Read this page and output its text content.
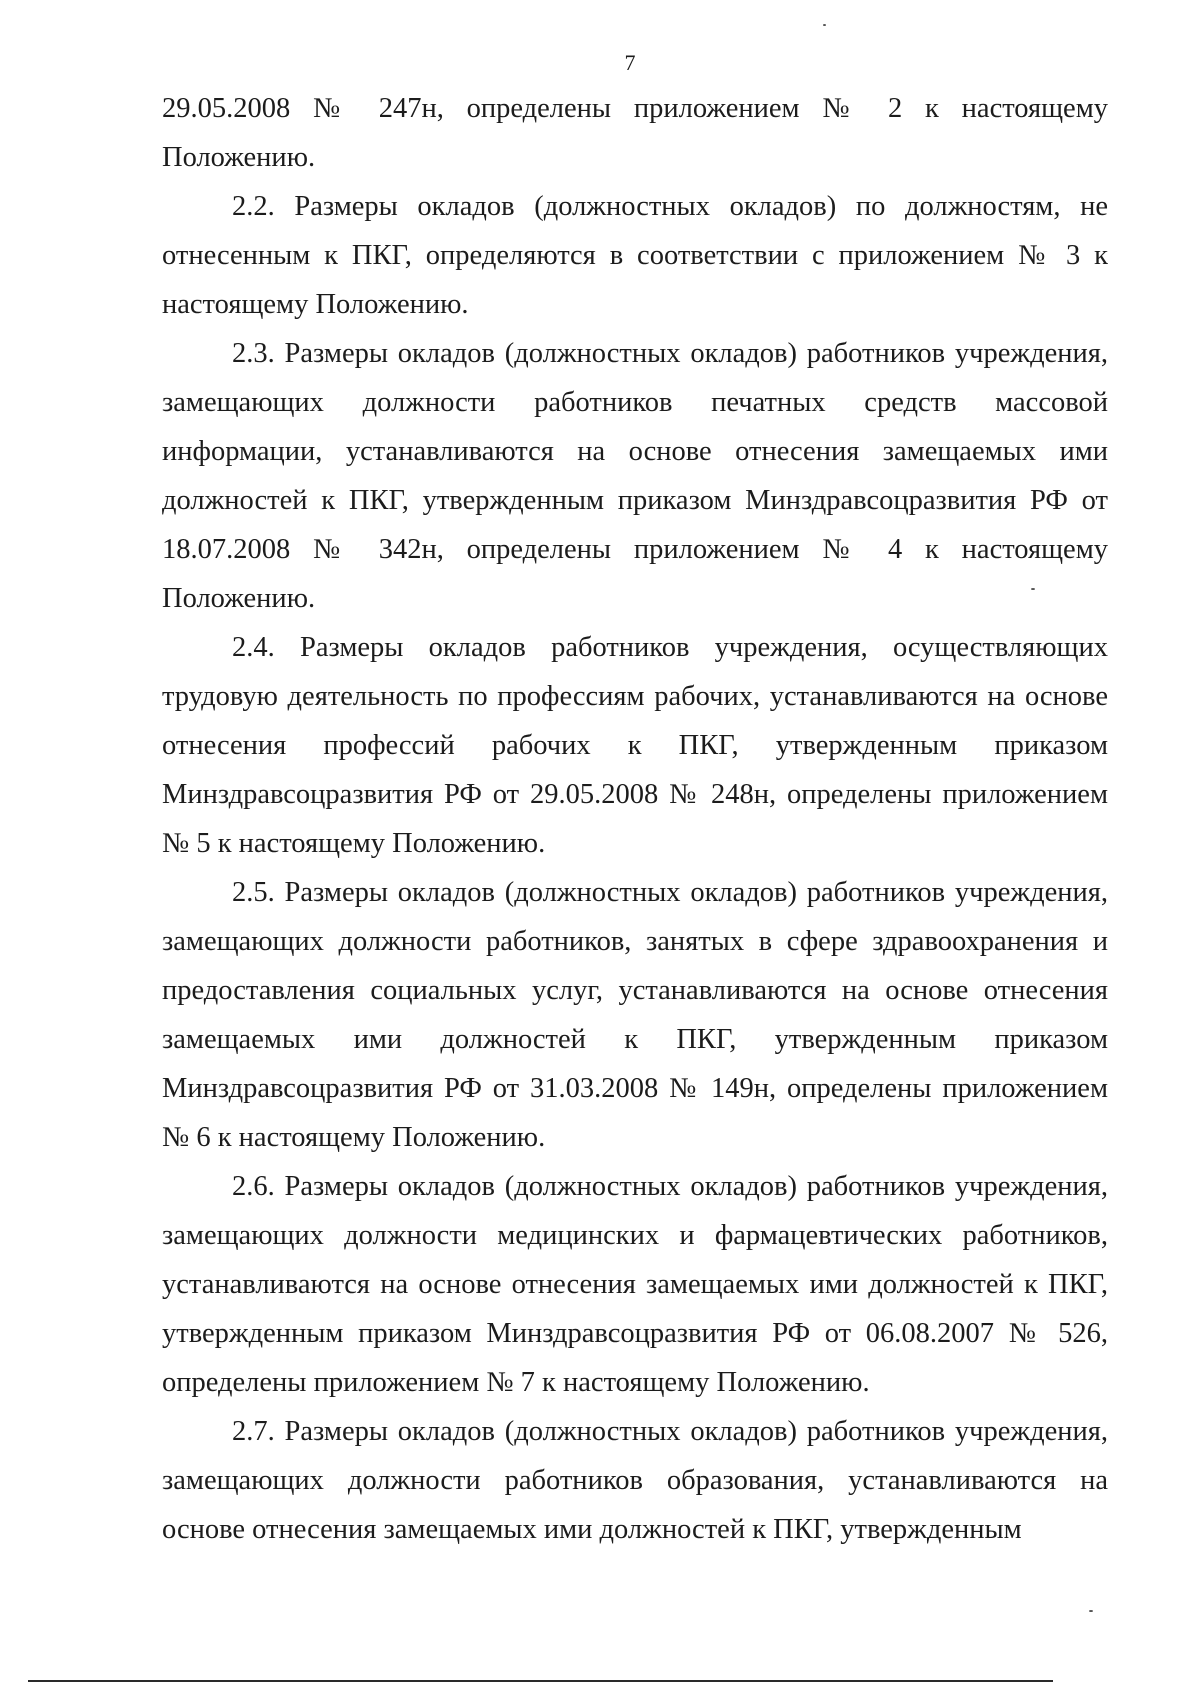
7

29.05.2008 № 247н, определены приложением № 2 к настоящему Положению.

2.2. Размеры окладов (должностных окладов) по должностям, не отнесенным к ПКГ, определяются в соответствии с приложением № 3 к настоящему Положению.

2.3. Размеры окладов (должностных окладов) работников учреждения, замещающих должности работников печатных средств массовой информации, устанавливаются на основе отнесения замещаемых ими должностей к ПКГ, утвержденным приказом Минздравсоцразвития РФ от 18.07.2008 № 342н, определены приложением № 4 к настоящему Положению.

2.4. Размеры окладов работников учреждения, осуществляющих трудовую деятельность по профессиям рабочих, устанавливаются на основе отнесения профессий рабочих к ПКГ, утвержденным приказом Минздравсоцразвития РФ от 29.05.2008 № 248н, определены приложением № 5 к настоящему Положению.

2.5. Размеры окладов (должностных окладов) работников учреждения, замещающих должности работников, занятых в сфере здравоохранения и предоставления социальных услуг, устанавливаются на основе отнесения замещаемых ими должностей к ПКГ, утвержденным приказом Минздравсоцразвития РФ от 31.03.2008 № 149н, определены приложением № 6 к настоящему Положению.

2.6. Размеры окладов (должностных окладов) работников учреждения, замещающих должности медицинских и фармацевтических работников, устанавливаются на основе отнесения замещаемых ими должностей к ПКГ, утвержденным приказом Минздравсоцразвития РФ от 06.08.2007 № 526, определены приложением № 7 к настоящему Положению.

2.7. Размеры окладов (должностных окладов) работников учреждения, замещающих должности работников образования, устанавливаются на основе отнесения замещаемых ими должностей к ПКГ, утвержденным
